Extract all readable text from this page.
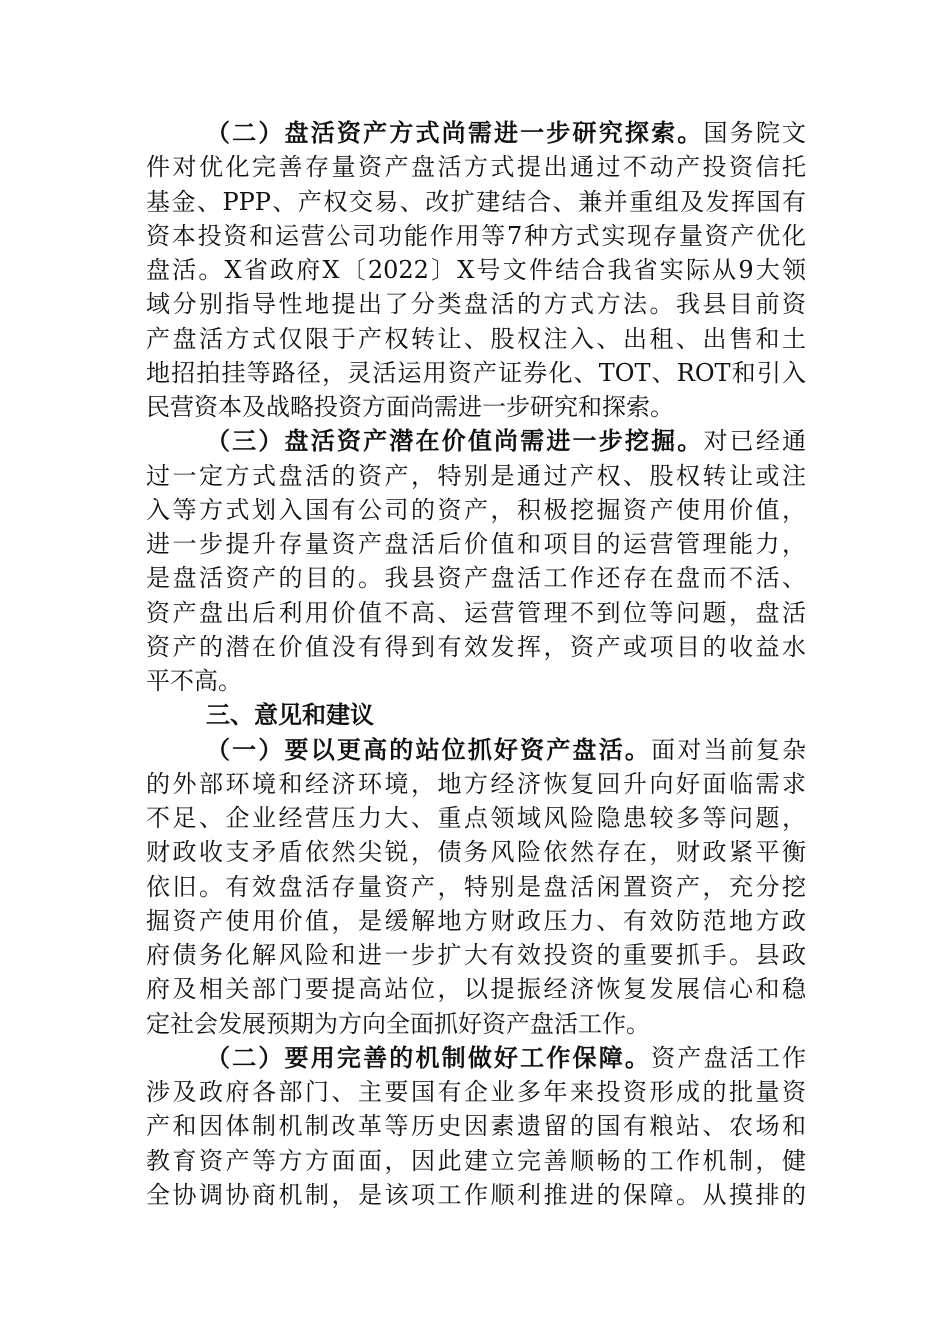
（二）盘活资产方式尚需进一步研究探索。国务院文
件对优化完善存量资产盘活方式提出通过不动产投资信托
基金、PPP、产权交易、改扩建结合、兼并重组及发挥国有
资本投资和运营公司功能作用等7种方式实现存量资产优化
盘活。X省政府X〔2022〕X号文件结合我省实际从9大领
域分别指导性地提出了分类盘活的方式方法。我县目前资
产盘活方式仅限于产权转让、股权注入、出租、出售和土
地招拍挂等路径，灵活运用资产证券化、TOT、ROT和引入
民营资本及战略投资方面尚需进一步研究和探索。
（三）盘活资产潜在价值尚需进一步挖掘。对已经通
过一定方式盘活的资产，特别是通过产权、股权转让或注
入等方式划入国有公司的资产，积极挖掘资产使用价值，
进一步提升存量资产盘活后价值和项目的运营管理能力，
是盘活资产的目的。我县资产盘活工作还存在盘而不活、
资产盘出后利用价值不高、运营管理不到位等问题，盘活
资产的潜在价值没有得到有效发挥，资产或项目的收益水
平不高。
三、意见和建议
（一）要以更高的站位抓好资产盘活。面对当前复杂
的外部环境和经济环境，地方经济恢复回升向好面临需求
不足、企业经营压力大、重点领域风险隐患较多等问题，
财政收支矛盾依然尖锐，债务风险依然存在，财政紧平衡
依旧。有效盘活存量资产，特别是盘活闲置资产，充分挖
掘资产使用价值，是缓解地方财政压力、有效防范地方政
府债务化解风险和进一步扩大有效投资的重要抓手。县政
府及相关部门要提高站位，以提振经济恢复发展信心和稳
定社会发展预期为方向全面抓好资产盘活工作。
（二）要用完善的机制做好工作保障。资产盘活工作
涉及政府各部门、主要国有企业多年来投资形成的批量资
产和因体制机制改革等历史因素遗留的国有粮站、农场和
教育资产等方方面面，因此建立完善顺畅的工作机制，健
全协调协商机制，是该项工作顺利推进的保障。从摸排的
